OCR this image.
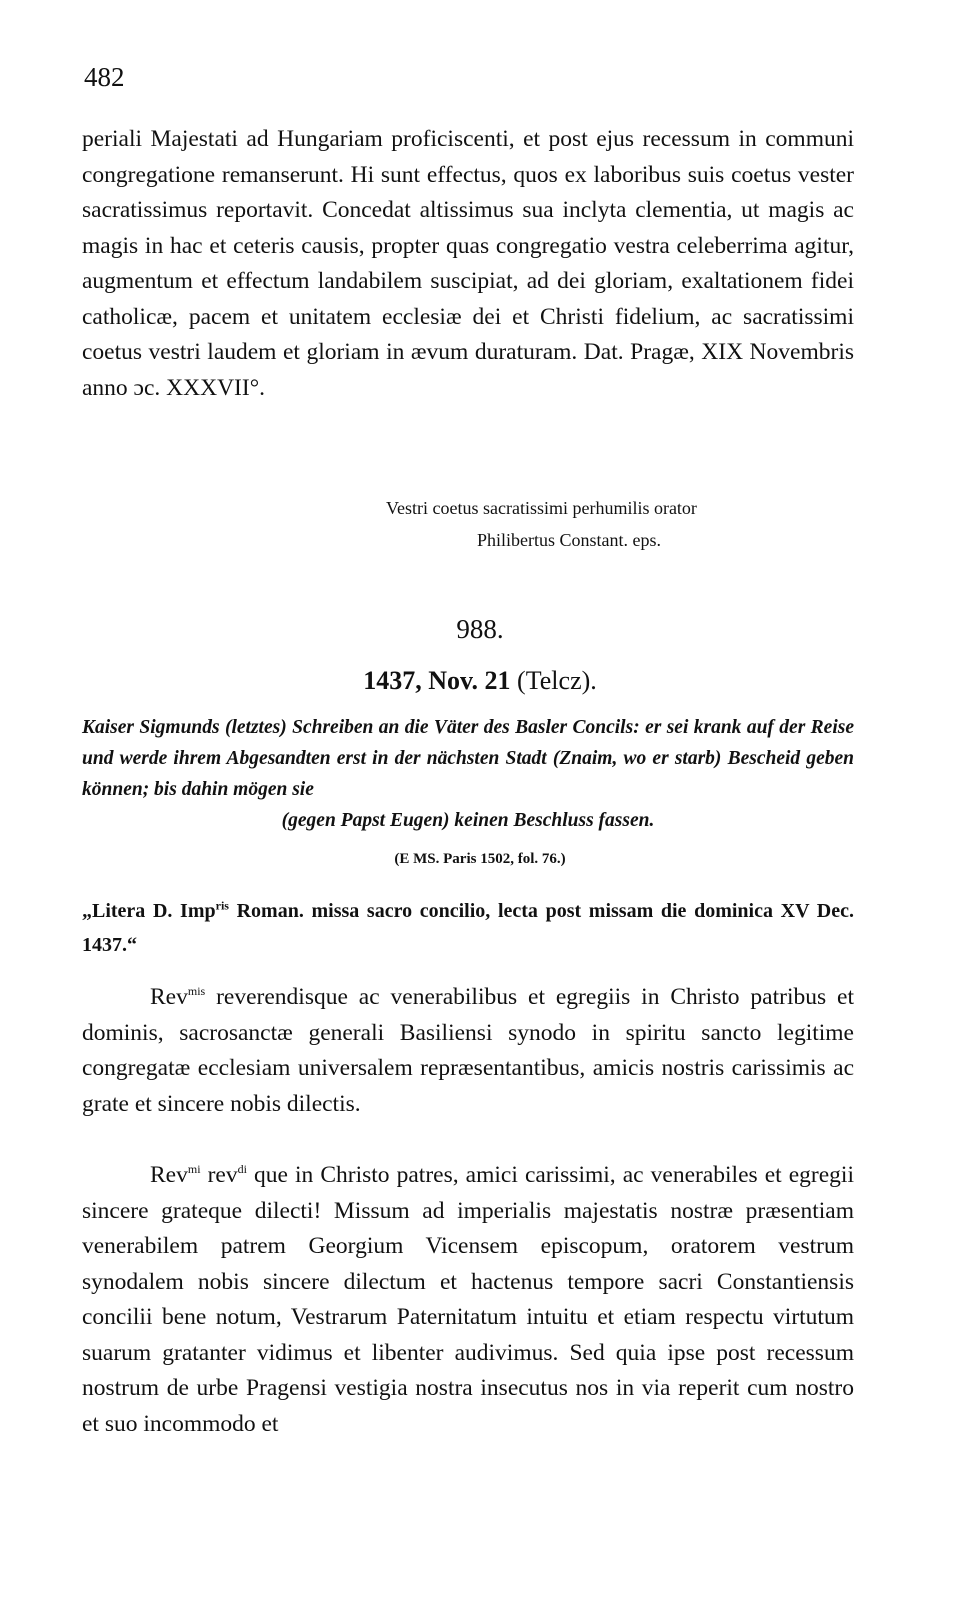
482

periali Majestati ad Hungariam proficiscenti, et post ejus recessum in communi congregatione remanserunt. Hi sunt effectus, quos ex laboribus suis coetus vester sacratissimus reportavit. Concedat altissimus sua inclyta clementia, ut magis ac magis in hac et ceteris causis, propter quas congregatio vestra celeberrima agitur, augmentum et effectum landabilem suscipiat, ad dei gloriam, exaltationem fidei catholicæ, pacem et unitatem ecclesiæ dei et Christi fidelium, ac sacratissimi coetus vestri laudem et gloriam in ævum duraturam. Dat. Pragæ, XIX Novembris anno ɔc. XXXVII°.

Vestri coetus sacratissimi perhumilis orator
Philibertus Constant. eps.
988.
1437, Nov. 21 (Telcz).

Kaiser Sigmunds (letztes) Schreiben an die Väter des Basler Concils: er sei krank auf der Reise und werde ihrem Abgesandten erst in der nächsten Stadt (Znaim, wo er starb) Bescheid geben können; bis dahin mögen sie
(gegen Papst Eugen) keinen Beschluss fassen.

(E MS. Paris 1502, fol. 76.)

„Litera D. Imp$^{ris}$ Roman. missa sacro concilio, lecta post missam die dominica XV Dec. 1437.“

Rev$^{mis}$ reverendisque ac venerabilibus et egregiis in Christo patribus et dominis, sacrosanctæ generali Basiliensi synodo in spiritu sancto legitime congregatæ ecclesiam universalem repræsentantibus, amicis nostris carissimis ac grate et sincere nobis dilectis.

Rev$^{mi}$ rev$^{di}$ que in Christo patres, amici carissimi, ac venerabiles et egregii sincere grateque dilecti! Missum ad imperialis majestatis nostræ præsentiam venerabilem patrem Georgium Vicensem episcopum, oratorem vestrum synodalem nobis sincere dilectum et hactenus tempore sacri Constantiensis concilii bene notum, Vestrarum Paternitatum intuitu et etiam respectu virtutum suarum gratanter vidimus et libenter audivimus. Sed quia ipse post recessum nostrum de urbe Pragensi vestigia nostra insecutus nos in via reperit cum nostro et suo incommodo et
